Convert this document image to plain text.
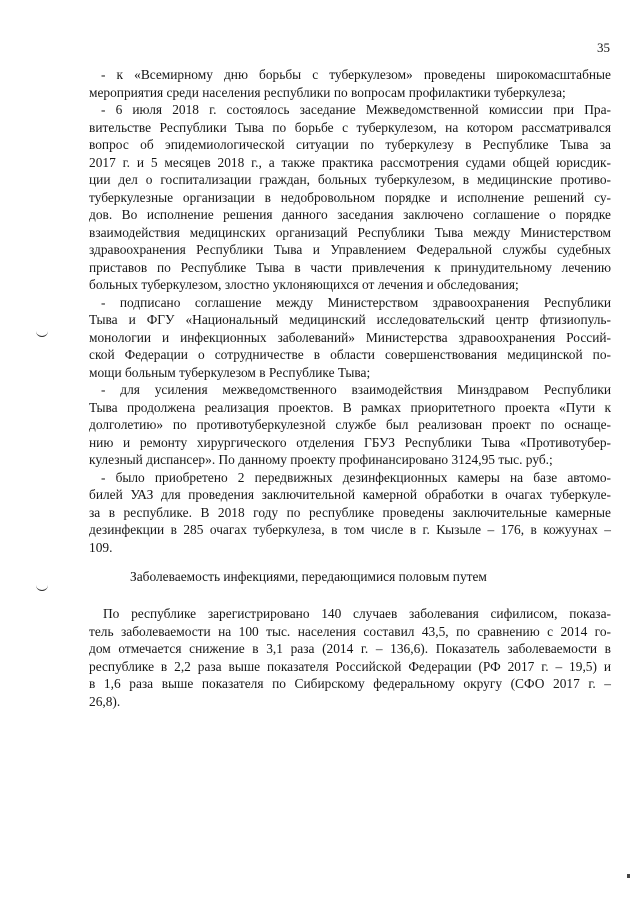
35
- к «Всемирному дню борьбы с туберкулезом» проведены широкомасштабные
мероприятия среди населения республики по вопросам профилактики туберкулеза;
- 6 июля 2018 г. состоялось заседание Межведомственной комиссии при Пра-
вительстве Республики Тыва по борьбе с туберкулезом, на котором рассматривался
вопрос об эпидемиологической ситуации по туберкулезу в Республике Тыва за
2017 г. и 5 месяцев 2018 г., а также практика рассмотрения судами общей юрисдик-
ции дел о госпитализации граждан, больных туберкулезом, в медицинские противо-
туберкулезные организации в недобровольном порядке и исполнение решений су-
дов. Во исполнение решения данного заседания заключено соглашение о порядке
взаимодействия медицинских организаций Республики Тыва между Министерством
здравоохранения Республики Тыва и Управлением Федеральной службы судебных
приставов по Республике Тыва в части привлечения к принудительному лечению
больных туберкулезом, злостно уклоняющихся от лечения и обследования;
- подписано соглашение между Министерством здравоохранения Республики
Тыва и ФГУ «Национальный медицинский исследовательский центр фтизиопуль-
монологии и инфекционных заболеваний» Министерства здравоохранения Россий-
ской Федерации о сотрудничестве в области совершенствования медицинской по-
мощи больным туберкулезом в Республике Тыва;
- для усиления межведомственного взаимодействия Минздравом Республики
Тыва продолжена реализация проектов. В рамках приоритетного проекта «Пути к
долголетию» по противотуберкулезной службе был реализован проект по оснаще-
нию и ремонту хирургического отделения ГБУЗ Республики Тыва «Противотубер-
кулезный диспансер». По данному проекту профинансировано 3124,95 тыс. руб.;
- было приобретено 2 передвижных дезинфекционных камеры на базе автомо-
билей УАЗ для проведения заключительной камерной обработки в очагах туберкуле-
за в республике. В 2018 году по республике проведены заключительные камерные
дезинфекции в 285 очагах туберкулеза, в том числе в г. Кызыле – 176, в кожуунах –
109.
Заболеваемость инфекциями, передающимися половым путем
По республике зарегистрировано 140 случаев заболевания сифилисом, показа-
тель заболеваемости на 100 тыс. населения составил 43,5, по сравнению с 2014 го-
дом отмечается снижение в 3,1 раза (2014 г. – 136,6). Показатель заболеваемости в
республике в 2,2 раза выше показателя Российской Федерации (РФ 2017 г. – 19,5) и
в 1,6 раза выше показателя по Сибирскому федеральному округу (СФО 2017 г. –
26,8).
